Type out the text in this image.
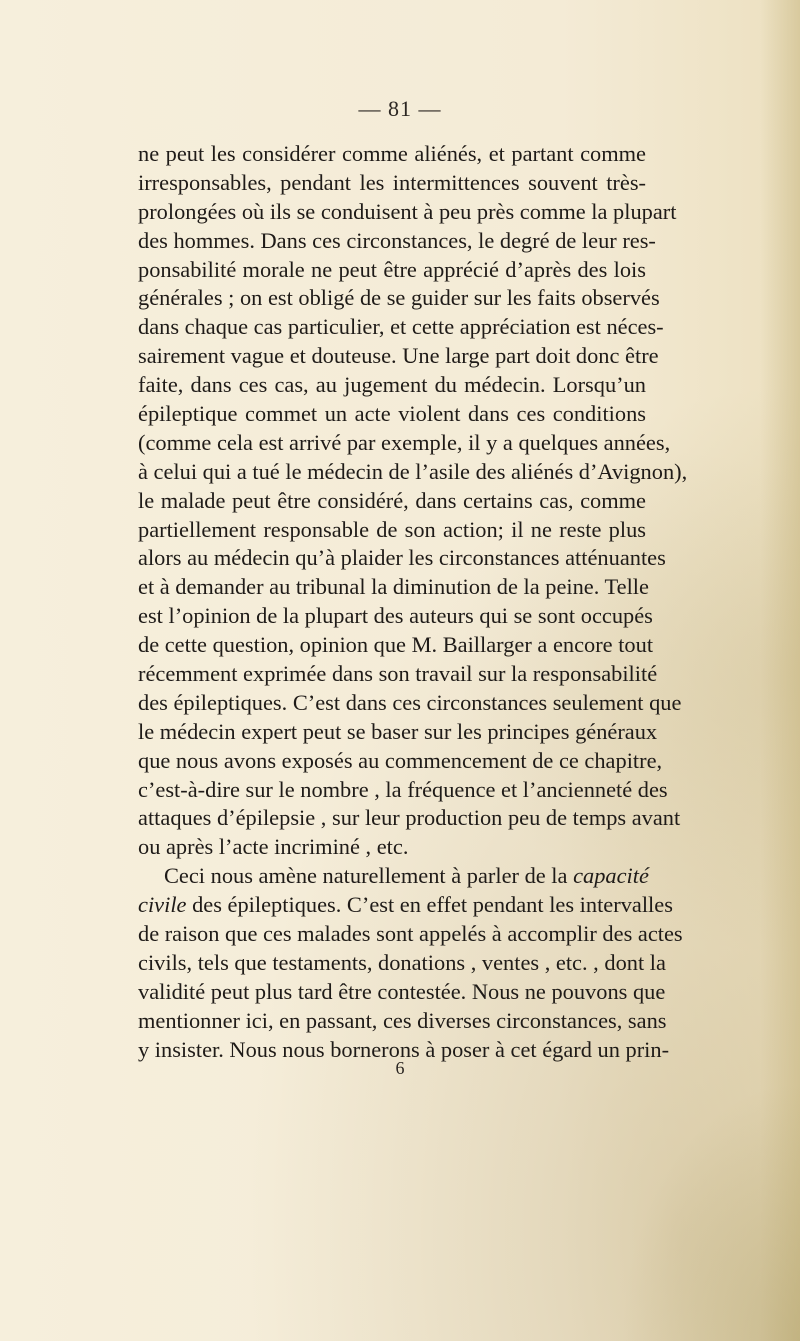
— 81 —
ne peut les considérer comme aliénés, et partant comme
irresponsables, pendant les intermittences souvent très-
prolongées où ils se conduisent à peu près comme la plupart
des hommes. Dans ces circonstances, le degré de leur res-
ponsabilité morale ne peut être apprécié d’après des lois
générales ; on est obligé de se guider sur les faits observés
dans chaque cas particulier, et cette appréciation est néces-
sairement vague et douteuse. Une large part doit donc être
faite, dans ces cas, au jugement du médecin. Lorsqu’un
épileptique commet un acte violent dans ces conditions
(comme cela est arrivé par exemple, il y a quelques années,
à celui qui a tué le médecin de l’asile des aliénés d’Avignon),
le malade peut être considéré, dans certains cas, comme
partiellement responsable de son action; il ne reste plus
alors au médecin qu’à plaider les circonstances atténuantes
et à demander au tribunal la diminution de la peine. Telle
est l’opinion de la plupart des auteurs qui se sont occupés
de cette question, opinion que M. Baillarger a encore tout
récemment exprimée dans son travail sur la responsabilité
des épileptiques. C’est dans ces circonstances seulement que
le médecin expert peut se baser sur les principes généraux
que nous avons exposés au commencement de ce chapitre,
c’est-à-dire sur le nombre , la fréquence et l’ancienneté des
attaques d’épilepsie , sur leur production peu de temps avant
ou après l’acte incriminé , etc.
Ceci nous amène naturellement à parler de la capacité
civile des épileptiques. C’est en effet pendant les intervalles
de raison que ces malades sont appelés à accomplir des actes
civils, tels que testaments, donations , ventes , etc. , dont la
validité peut plus tard être contestée. Nous ne pouvons que
mentionner ici, en passant, ces diverses circonstances, sans
y insister. Nous nous bornerons à poser à cet égard un prin-
6
